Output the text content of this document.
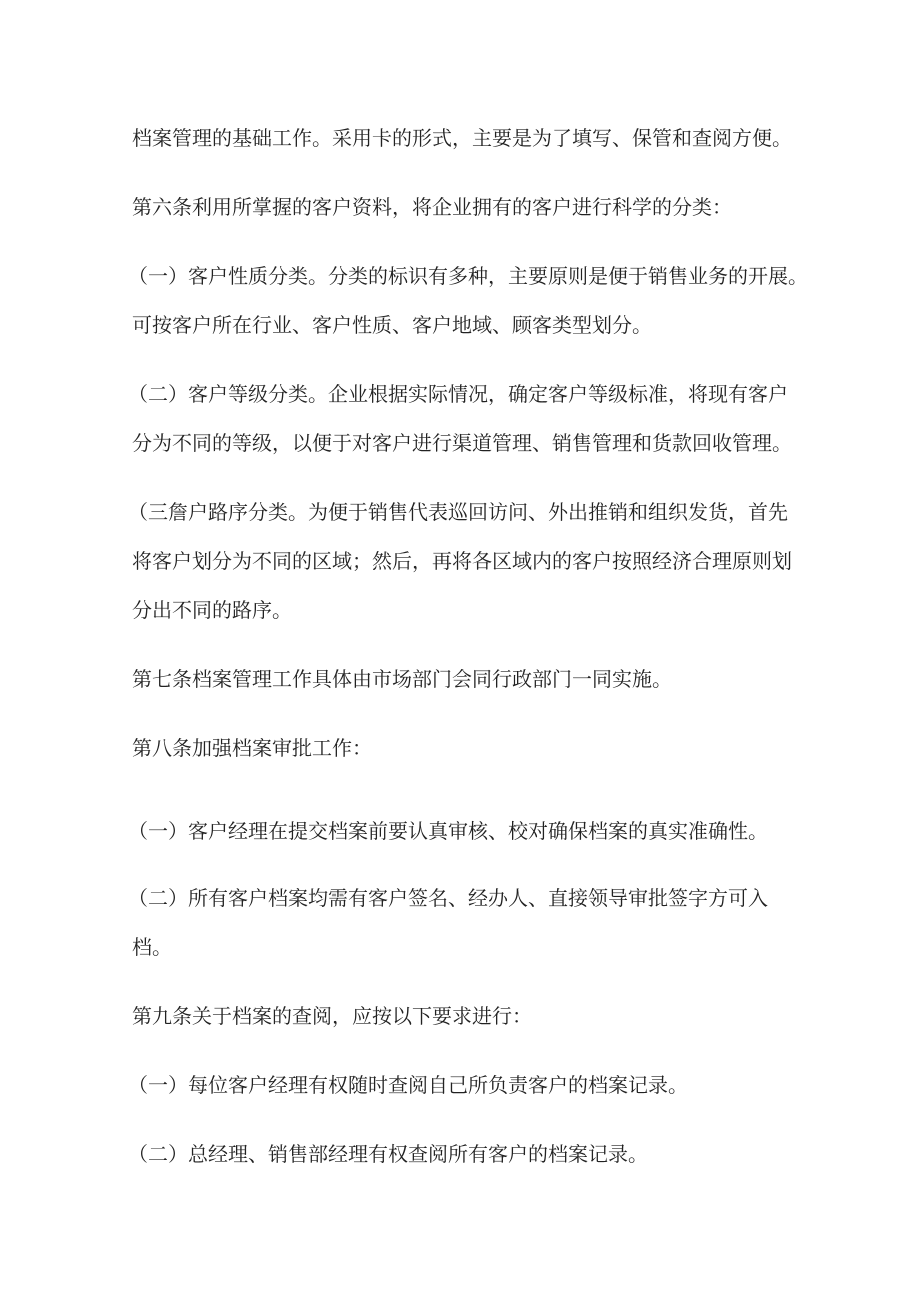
档案管理的基础工作。采用卡的形式，主要是为了填写、保管和查阅方便。

第六条利用所掌握的客户资料，将企业拥有的客户进行科学的分类：

（一）客户性质分类。分类的标识有多种，主要原则是便于销售业务的开展。

可按客户所在行业、客户性质、客户地域、顾客类型划分。

（二）客户等级分类。企业根据实际情况，确定客户等级标准，将现有客户

分为不同的等级，以便于对客户进行渠道管理、销售管理和货款回收管理。

（三詹户路序分类。为便于销售代表巡回访问、外出推销和组织发货，首先

将客户划分为不同的区域；然后，再将各区域内的客户按照经济合理原则划

分出不同的路序。

第七条档案管理工作具体由市场部门会同行政部门一同实施。

第八条加强档案审批工作：

（一）客户经理在提交档案前要认真审核、校对确保档案的真实准确性。

（二）所有客户档案均需有客户签名、经办人、直接领导审批签字方可入

档。

第九条关于档案的查阅，应按以下要求进行：

（一）每位客户经理有权随时查阅自己所负责客户的档案记录。

（二）总经理、销售部经理有权查阅所有客户的档案记录。
